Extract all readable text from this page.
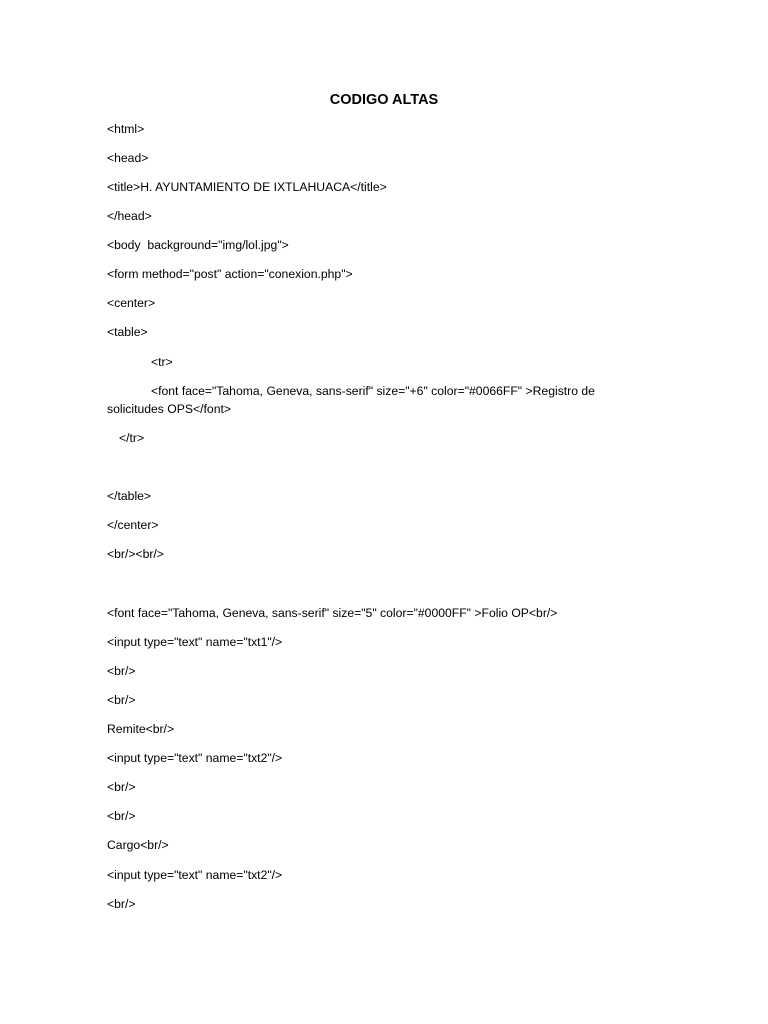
CODIGO ALTAS
<html>
<head>
<title>H. AYUNTAMIENTO DE IXTLAHUACA</title>
</head>
<body  background="img/lol.jpg">
<form method="post" action="conexion.php">
<center>
<table>
<tr>
<font face="Tahoma, Geneva, sans-serif" size="+6" color="#0066FF" >Registro de
solicitudes OPS</font>
</tr>
</table>
</center>
<br/><br/>
<font face="Tahoma, Geneva, sans-serif" size="5" color="#0000FF" >Folio OP<br/>
<input type="text" name="txt1"/>
<br/>
<br/>
Remite<br/>
<input type="text" name="txt2"/>
<br/>
<br/>
Cargo<br/>
<input type="text" name="txt2"/>
<br/>
